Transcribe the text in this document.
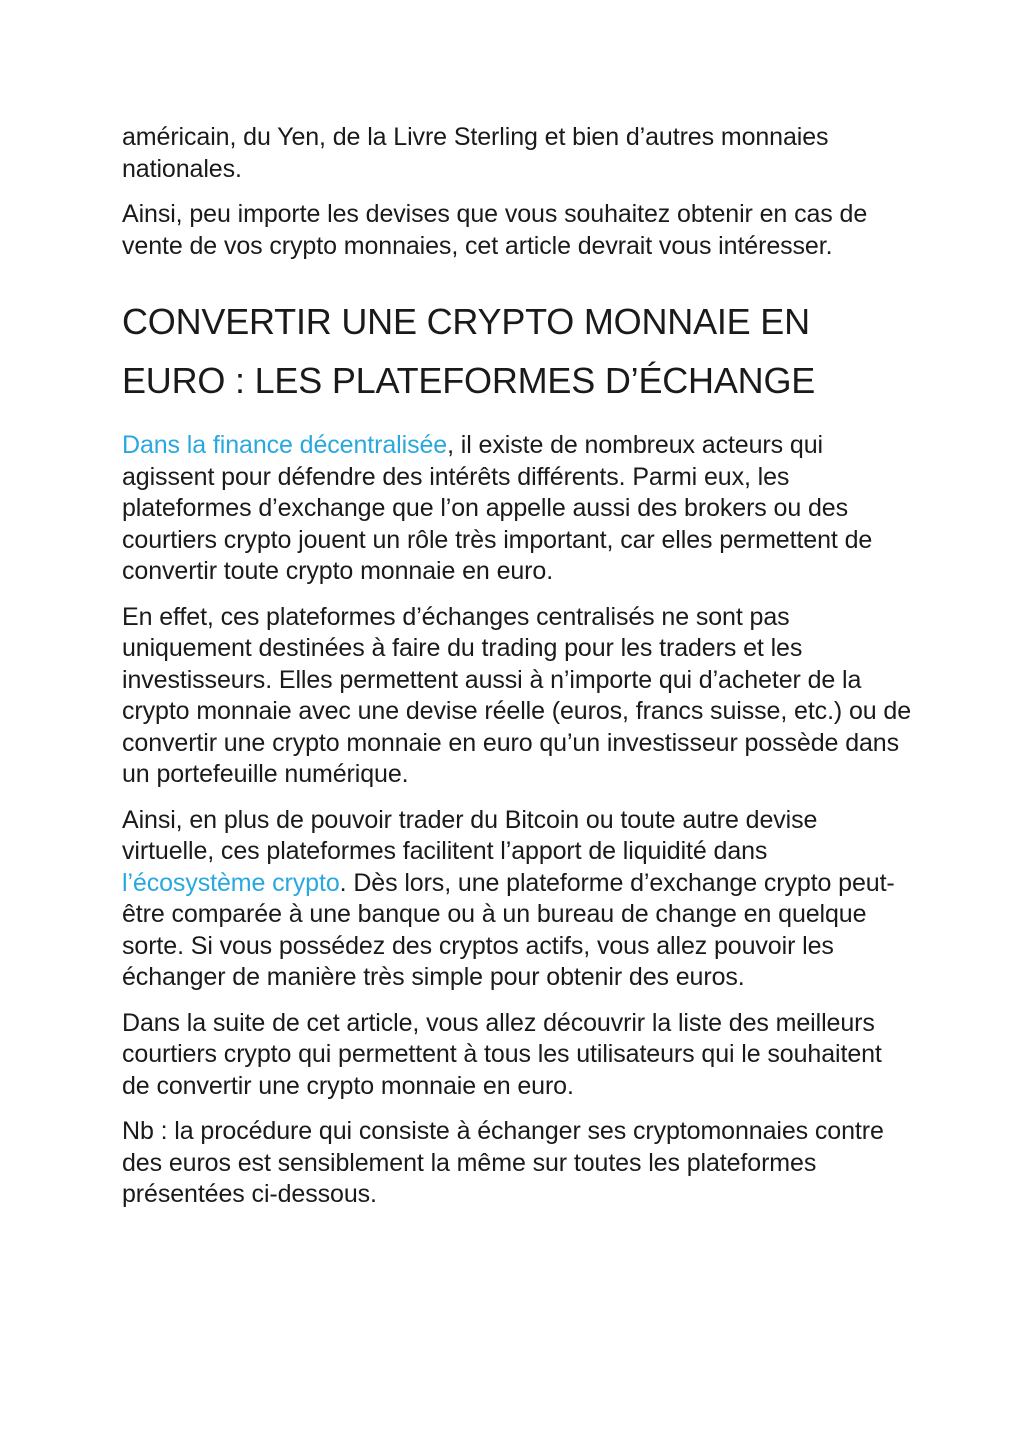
américain, du Yen, de la Livre Sterling et bien d’autres monnaies nationales.

Ainsi, peu importe les devises que vous souhaitez obtenir en cas de vente de vos crypto monnaies, cet article devrait vous intéresser.

CONVERTIR UNE CRYPTO MONNAIE EN
EURO : LES PLATEFORMES D’ÉCHANGE

Dans la finance décentralisée, il existe de nombreux acteurs qui agissent pour défendre des intérêts différents. Parmi eux, les plateformes d’exchange que l’on appelle aussi des brokers ou des courtiers crypto jouent un rôle très important, car elles permettent de convertir toute crypto monnaie en euro.

En effet, ces plateformes d’échanges centralisés ne sont pas uniquement destinées à faire du trading pour les traders et les investisseurs. Elles permettent aussi à n’importe qui d’acheter de la crypto monnaie avec une devise réelle (euros, francs suisse, etc.) ou de convertir une crypto monnaie en euro qu’un investisseur possède dans un portefeuille numérique.

Ainsi, en plus de pouvoir trader du Bitcoin ou toute autre devise virtuelle, ces plateformes facilitent l’apport de liquidité dans l’écosystème crypto. Dès lors, une plateforme d’exchange crypto peut-être comparée à une banque ou à un bureau de change en quelque sorte. Si vous possédez des cryptos actifs, vous allez pouvoir les échanger de manière très simple pour obtenir des euros.

Dans la suite de cet article, vous allez découvrir la liste des meilleurs courtiers crypto qui permettent à tous les utilisateurs qui le souhaitent de convertir une crypto monnaie en euro.

Nb : la procédure qui consiste à échanger ses cryptomonnaies contre des euros est sensiblement la même sur toutes les plateformes présentées ci-dessous.
